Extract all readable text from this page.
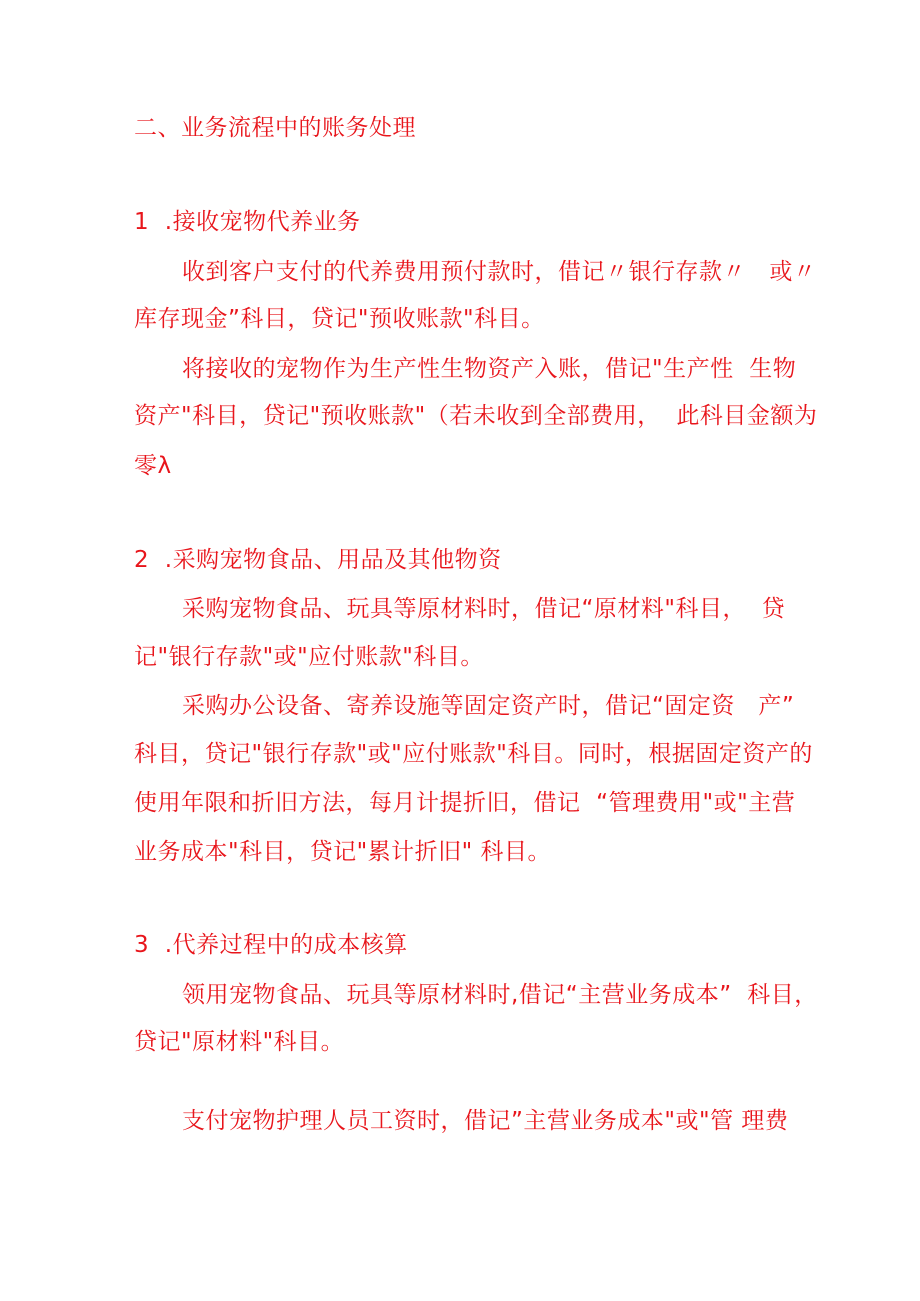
二、业务流程中的账务处理
1  .接收宠物代养业务
收到客户支付的代养费用预付款时，借记〃银行存款〃   或〃
库存现金”科目，贷记"预收账款"科目。
将接收的宠物作为生产性生物资产入账，借记"生产性  生物
资产"科目，贷记"预收账款"（若未收到全部费用，  此科目金额为
零λ
2  .采购宠物食品、用品及其他物资
采购宠物食品、玩具等原材料时，借记“原材料"科目，  贷
记"银行存款"或"应付账款"科目。
采购办公设备、寄养设施等固定资产时，借记“固定资   产”
科目，贷记"银行存款"或"应付账款"科目。同时，根据固定资产的
使用年限和折旧方法，每月计提折旧，借记  “管理费用"或"主营
业务成本"科目，贷记"累计折旧" 科目。
3  .代养过程中的成本核算
领用宠物食品、玩具等原材料时,借记“主营业务成本”  科目，
贷记"原材料"科目。
支付宠物护理人员工资时，借记”主营业务成本"或"管 理费
